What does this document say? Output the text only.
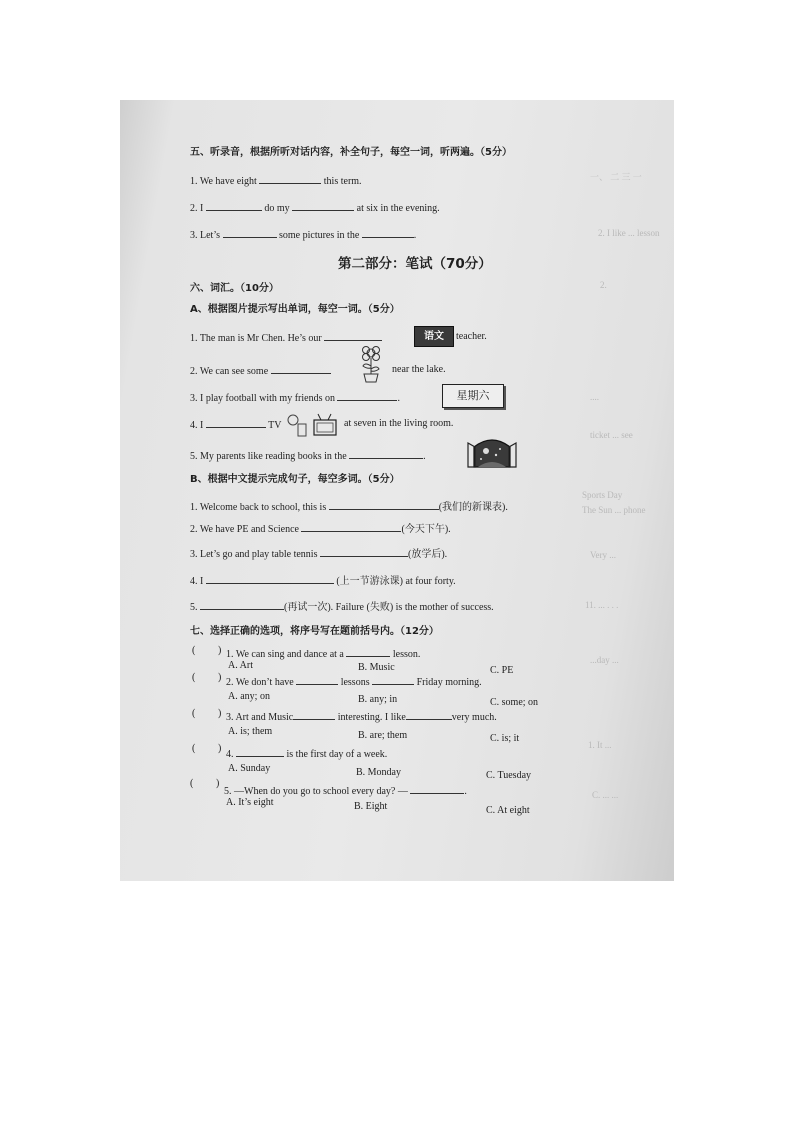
一、 二 三 一
2. I like ... lesson
2.
....
ticket ... see
Sports Day
The Sun ... phone
Very ...
11. ... . . .
...day ...
1. It ...
C. ... ...
五、听录音，根据所听对话内容，补全句子，每空一词，听两遍。（5分）
1. We have eight	this term.
2. I	do my	at six in the evening.
3. Let’s	some pictures in the	.
第二部分：笔试（70分）
六、词汇。（10分）
A、根据图片提示写出单词，每空一词。（5分）
1. The man is Mr Chen. He’s our	语文	teacher.
2. We can see some	near the lake.
3. I play football with my friends on	.	星期六
4. I	TV	at seven in the living room.
5. My parents like reading books in the	.
B、根据中文提示完成句子，每空多词。（5分）
1. Welcome back to school, this is	(我们的新课表).
2. We have PE and Science	(今天下午).
3. Let’s go and play table tennis	(放学后).
4. I	(上一节游泳课) at four forty.
5.	(再试一次). Failure (失败) is the mother of success.
七、选择正确的选项，将序号写在题前括号内。（12分）
( ) 1. We can sing and dance at a	lesson.
A. Art	B. Music	C. PE
( ) 2. We don’t have	lessons	Friday morning.
A. any; on	B. any; in	C. some; on
( ) 3. Art and Music	interesting. I like	very much.
A. is; them	B. are; them	C. is; it
( )
4.	is the first day of a week.
A. Sunday	B. Monday	C. Tuesday
( )
5. —When do you go to school every day? —	.
A. It’s eight	B. Eight	C. At eight
